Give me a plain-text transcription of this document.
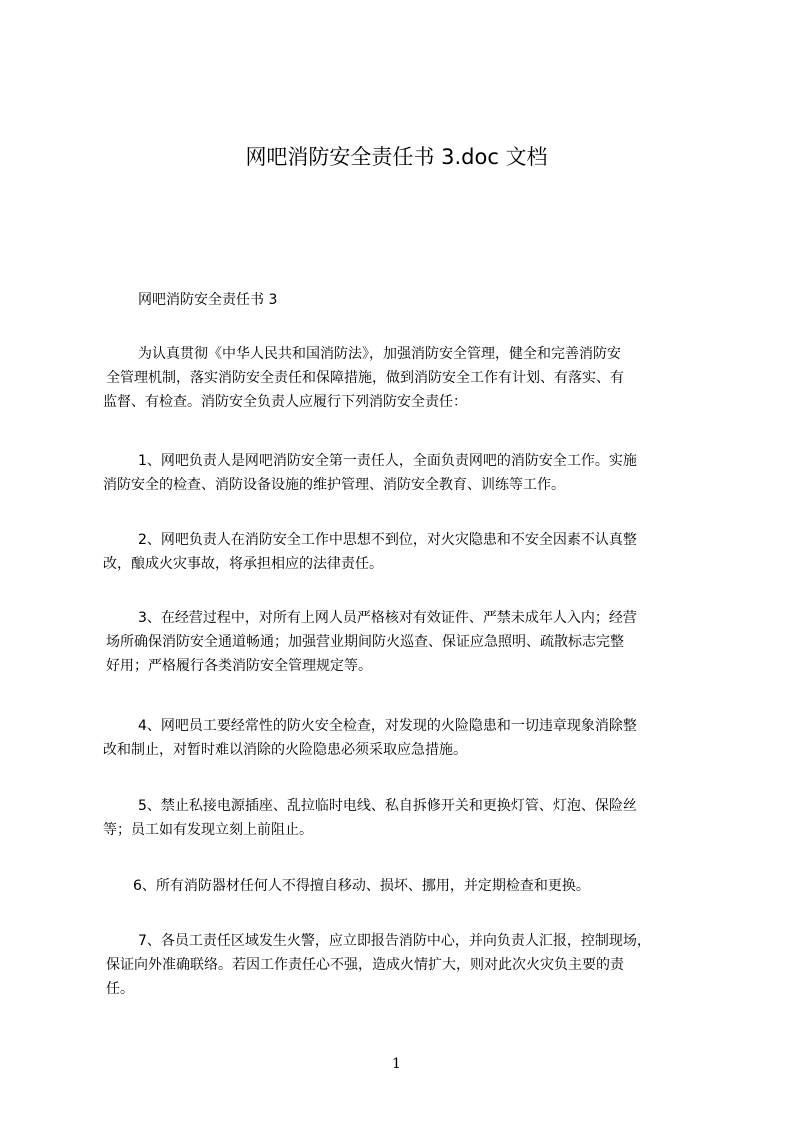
网吧消防安全责任书 3.doc 文档
网吧消防安全责任书 3
为认真贯彻《中华人民共和国消防法》，加强消防安全管理，健全和完善消防安
全管理机制，落实消防安全责任和保障措施，做到消防安全工作有计划、有落实、有
监督、有检查。消防安全负责人应履行下列消防安全责任：
1、网吧负责人是网吧消防安全第一责任人，全面负责网吧的消防安全工作。实施
消防安全的检查、消防设备设施的维护管理、消防安全教育、训练等工作。
2、网吧负责人在消防安全工作中思想不到位，对火灾隐患和不安全因素不认真整
改，酿成火灾事故，将承担相应的法律责任。
3、在经营过程中，对所有上网人员严格核对有效证件、严禁未成年人入内；经营
场所确保消防安全通道畅通；加强营业期间防火巡查、保证应急照明、疏散标志完整
好用；严格履行各类消防安全管理规定等。
4、网吧员工要经常性的防火安全检查，对发现的火险隐患和一切违章现象消除整
改和制止，对暂时难以消除的火险隐患必须采取应急措施。
5、禁止私接电源插座、乱拉临时电线、私自拆修开关和更换灯管、灯泡、保险丝
等；员工如有发现立刻上前阻止。
6、所有消防器材任何人不得擅自移动、损坏、挪用，并定期检查和更换。
7、各员工责任区域发生火警，应立即报告消防中心，并向负责人汇报，控制现场，
保证向外准确联络。若因工作责任心不强，造成火情扩大，则对此次火灾负主要的责
任。
1
